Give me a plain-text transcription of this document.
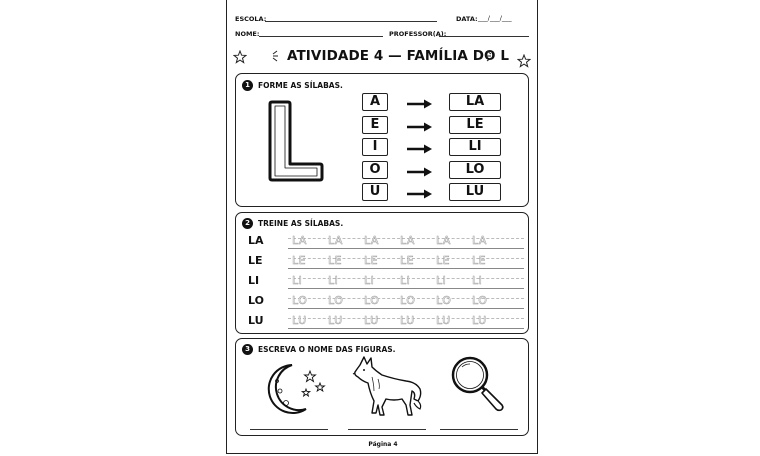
ESCOLA:	DATA: ___/___/___
NOME:	PROFESSOR(A):
ATIVIDADE 4 — FAMÍLIA DO L
1	FORME AS SÍLABAS.
A	LA
E	LE
I	LI
O	LO
U	LU
2	TREINE AS SÍLABAS.
LA	LA LA LA LA LA LA
LE	LE LE LE LE LE LE
LI	LI LI LI LI LI LI
LO	LO LO LO LO LO LO
LU	LU LU LU LU LU LU
3	ESCREVA O NOME DAS FIGURAS.
Página 4
